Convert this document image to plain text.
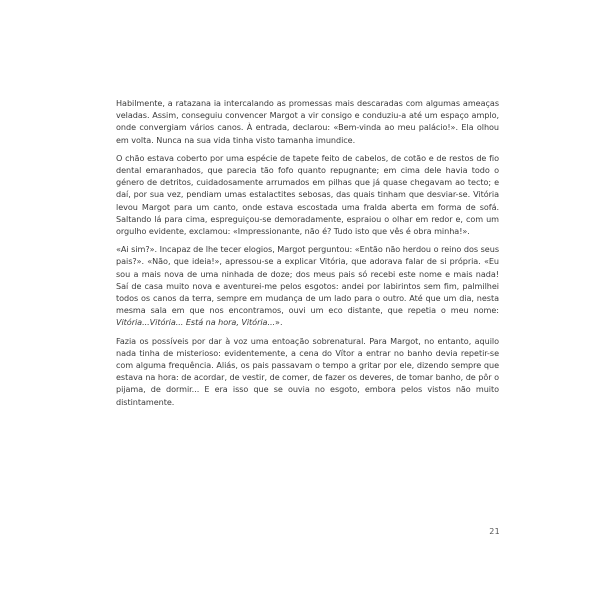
Habilmente, a ratazana ia intercalando as promessas mais descaradas com algumas ameaças veladas. Assim, conseguiu convencer Margot a vir consigo e conduziu-a até um espaço amplo, onde convergiam vários canos. À entrada, declarou: «Bem-vinda ao meu palácio!». Ela olhou em volta. Nunca na sua vida tinha visto tamanha imundice.

O chão estava coberto por uma espécie de tapete feito de cabelos, de cotão e de restos de fio dental emaranhados, que parecia tão fofo quanto repugnante; em cima dele havia todo o género de detritos, cuidadosamente arrumados em pilhas que já quase chegavam ao tecto; e daí, por sua vez, pendiam umas estalactites sebosas, das quais tinham que desviar-se. Vitória levou Margot para um canto, onde estava escostada uma fralda aberta em forma de sofá. Saltando lá para cima, espreguiçou-se demoradamente, espraiou o olhar em redor e, com um orgulho evidente, exclamou: «Impressionante, não é? Tudo isto que vês é obra minha!».

«Ai sim?». Incapaz de lhe tecer elogios, Margot perguntou: «Então não herdou o reino dos seus pais?». «Não, que ideia!», apressou-se a explicar Vitória, que adorava falar de si própria. «Eu sou a mais nova de uma ninhada de doze; dos meus pais só recebi este nome e mais nada! Saí de casa muito nova e aventurei-me pelos esgotos: andei por labirintos sem fim, palmilhei todos os canos da terra, sempre em mudança de um lado para o outro. Até que um dia, nesta mesma sala em que nos encontramos, ouvi um eco distante, que repetia o meu nome: Vitória...Vitória... Está na hora, Vitória...».

Fazia os possíveis por dar à voz uma entoação sobrenatural. Para Margot, no entanto, aquilo nada tinha de misterioso: evidentemente, a cena do Vítor a entrar no banho devia repetir-se com alguma frequência. Aliás, os pais passavam o tempo a gritar por ele, dizendo sempre que estava na hora: de acordar, de vestir, de comer, de fazer os deveres, de tomar banho, de pôr o pijama, de dormir... E era isso que se ouvia no esgoto, embora pelos vistos não muito distintamente.

21
